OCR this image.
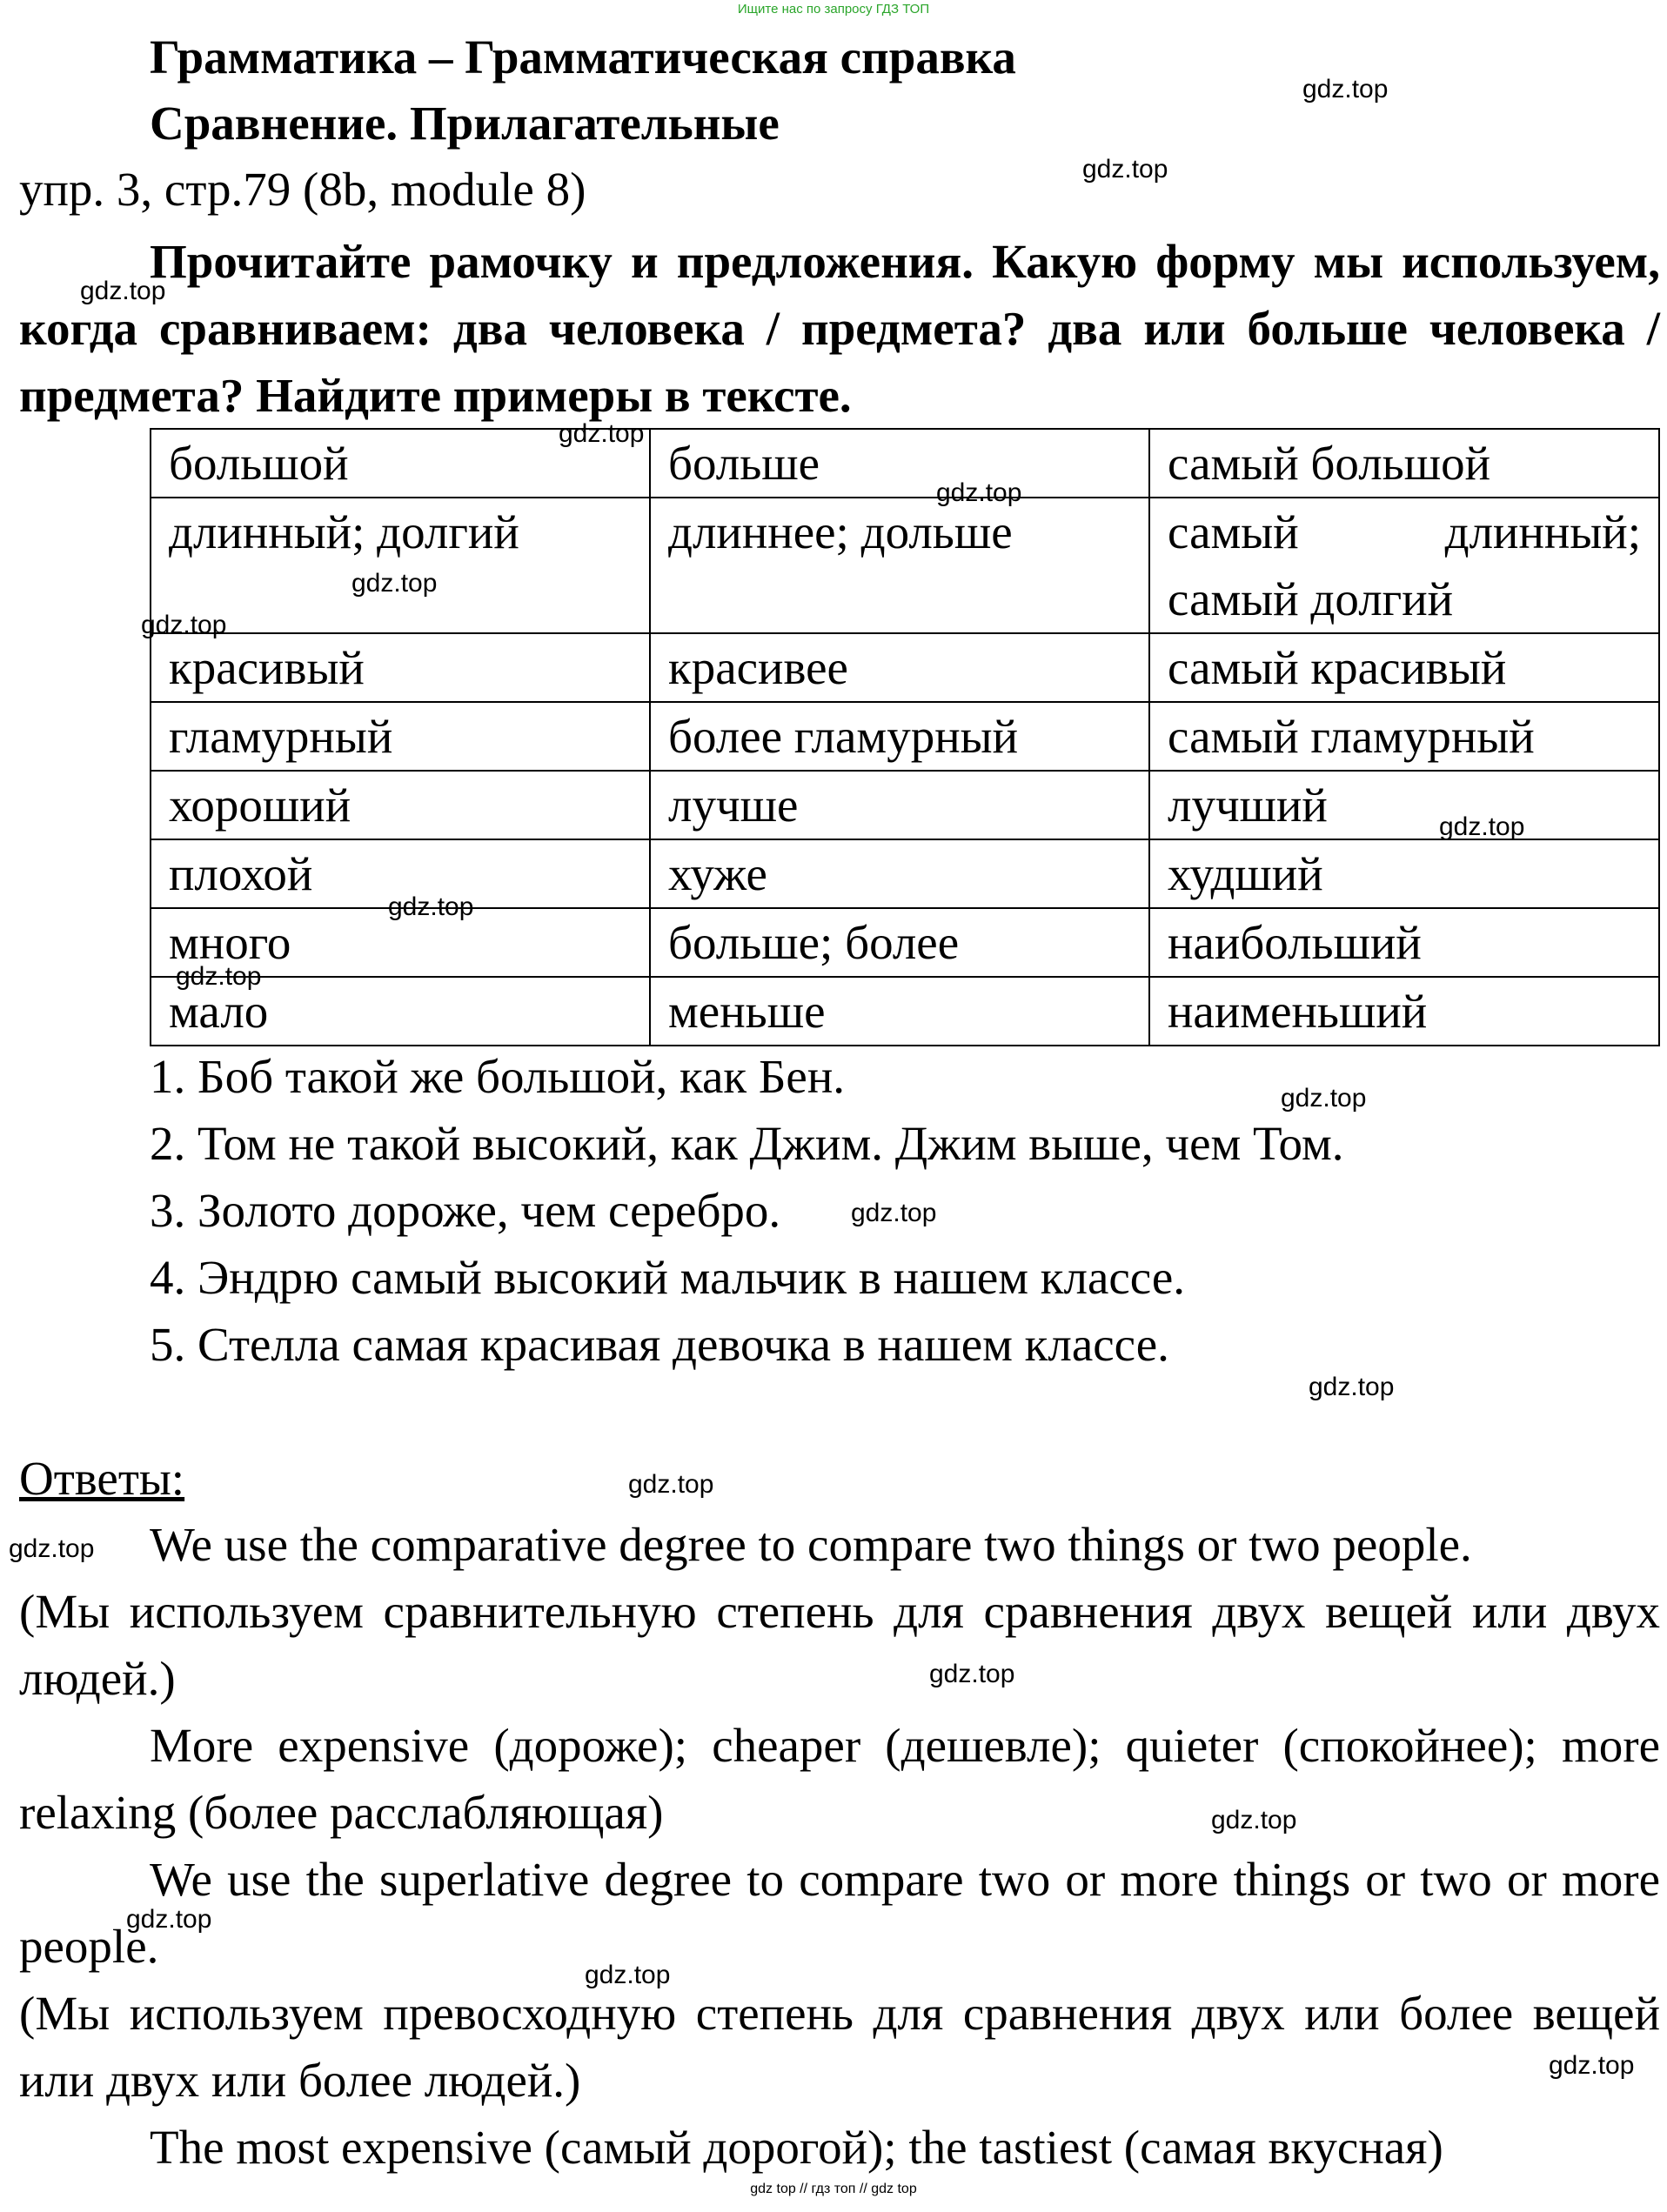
Ищите нас по запросу ГДЗ ТОП
Грамматика – Грамматическая справка
Сравнение. Прилагательные
упр. 3, стр.79 (8b, module 8)
Прочитайте рамочку и предложения. Какую форму мы используем, когда сравниваем: два человека / предмета? два или больше человека / предмета? Найдите примеры в тексте.
большой	больше	самый большой
длинный; долгий	длиннее; дольше	самый длинный;
самый долгий

красивый	красивее	самый красивый
гламурный	более гламурный	самый гламурный
хороший	лучше	лучший
плохой	хуже	худший
много	больше; более	наибольший
мало	меньше	наименьший
1. Боб такой же большой, как Бен.
2. Том не такой высокий, как Джим. Джим выше, чем Том.
3. Золото дороже, чем серебро.
4. Эндрю самый высокий мальчик в нашем классе.
5. Стелла самая красивая девочка в нашем классе.
Ответы:
We use the comparative degree to compare two things or two people.
(Мы используем сравнительную степень для сравнения двух вещей или двух людей.)
More expensive (дороже); cheaper (дешевле); quieter (спокойнее); more relaxing (более расслабляющая)
We use the superlative degree to compare two or more things or two or more people.
(Мы используем превосходную степень для сравнения двух или более вещей или двух или более людей.)
The most expensive (самый дорогой); the tastiest (самая вкусная)
gdz.top
gdz.top
gdz.top
gdz.top
gdz.top
gdz.top
gdz.top
gdz.top
gdz.top
gdz.top
gdz.top
gdz.top
gdz.top
gdz.top
gdz.top
gdz.top
gdz.top
gdz.top
gdz.top
gdz.top
gdz top // гдз топ // gdz top
